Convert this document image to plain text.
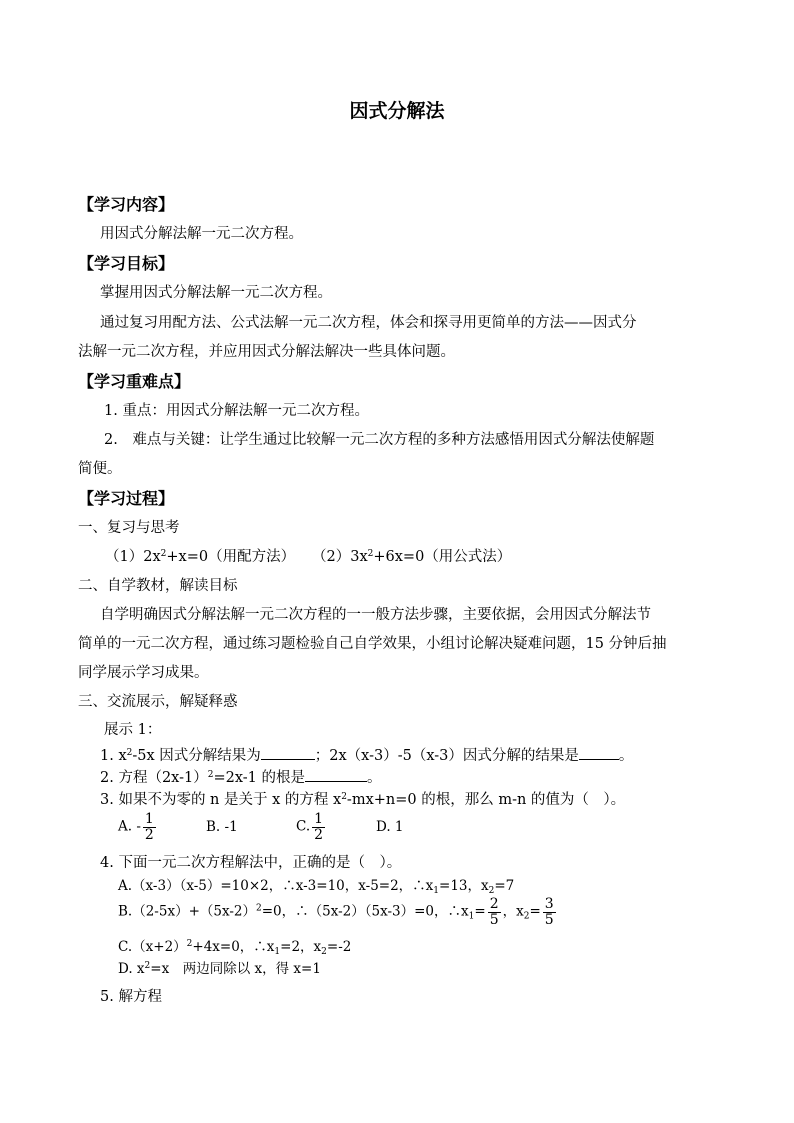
因式分解法
【学习内容】
用因式分解法解一元二次方程。
【学习目标】
掌握用因式分解法解一元二次方程。
通过复习用配方法、公式法解一元二次方程，体会和探寻用更简单的方法——因式分
法解一元二次方程，并应用因式分解法解决一些具体问题。
【学习重难点】
1. 重点：用因式分解法解一元二次方程。
2.　难点与关键：让学生通过比较解一元二次方程的多种方法感悟用因式分解法使解题
简便。
【学习过程】
一、复习与思考
$(1)2x^2+x=0$（用配方法） $(2)3x^2+6x=0$（用公式法）
二、自学教材，解读目标
自学明确因式分解法解一元二次方程的一一般方法步骤，主要依据，会用因式分解法节
简单的一元二次方程，通过练习题检验自己自学效果，小组讨论解决疑难问题，15 分钟后抽
同学展示学习成果。
三、交流展示，解疑释惑
展示 1：
1. $x^2-5x$ 因式分解结果为	；2x（x-3）-5（x-3）因式分解的结果是	。
2. 方程$(2x-1)^2=2x-1$ 的根是	。
3. 如果不为零的 n 是关于 x 的方程 $x^2-mx+n=0$ 的根，那么 m-n 的值为（　）。
A. - $\frac{1}{2}$	B. -1	C. $\frac{1}{2}$	D. 1
4. 下面一元二次方程解法中，正确的是（　）。
A.（x-3）（x-5）=10×2，∴x-3=10，x-5=2，$\therefore x_1=13$，$x_2=7$
$B.(2-5x)+(5x-2)^2=0$，∴（5x-2）（5x-3）=0，$\therefore x_1= \frac{2}{5}$ ，$x_2= \frac{3}{5}$
$C.(x+2)^2+4x=0$，$\therefore x_1=2$，$x_2=-2$
D. $x^2=x$　两边同除以 x，得 x=1
5. 解方程
